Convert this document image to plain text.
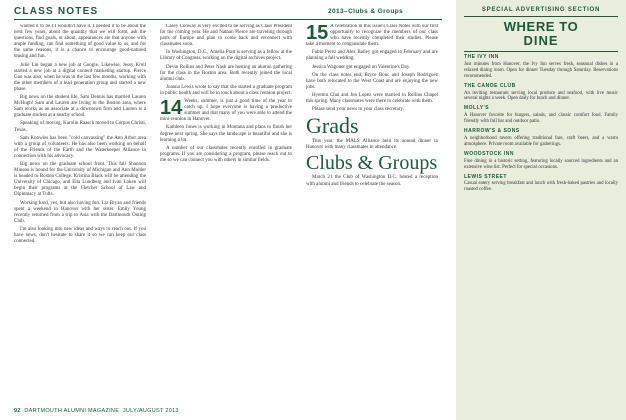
CLASS NOTES	2013–Clubs & Groups

wanted it to be.) I wouldn't have it. I needed it to be about the next few years, about the quantity that we will form, ask the questions, find goals, or about, appearances are that anyone with ample funding, can find something of good value to us, and for the same reasons, it is a chance to encourage good-natured teasing and fun.

Julie Lin began a new job at Google. Likewise, Jessy Kroll started a new job at a digital content marketing startup. Pierce Gao was also, when he was in the last few months, working with the other members of a lead generation group and started a new phase.

Big news on the student life, Sam Dennis has married Lauren McHugh! Sam and Lauren are living in the Boston area, where Sam works as an associate at a downtown firm and Lauren is a graduate student at a nearby school.

Speaking of moving, Karolin Raasch moved to Corpus Christi, Texas.

Sam Knowles has been "cold canvassing" the Ann Arbor area with a group of volunteers. He has also been working on behalf of the Friends of the Earth and the Waterkeeper Alliance in connection with his advocacy.

Big news on the graduate school front. This fall Shannon Mineau is bound for the University of Michigan and Ann Mulder is headed to Boston College. Kristina Black will be attending the University of Chicago, and Ella Lundberg and Ivan Loken will begin their programs at the Fletcher School of Law and Diplomacy at Tufts.

Working hard, yes, but also having fun. Liz Bryan and friends spent a weekend in Hanover with her sister. Emily Young recently returned from a trip to Asia with the Dartmouth Outing Club.

I'm also looking into new ideas and ways to reach out. If you have news, don't hesitate to share it so we can keep our class connected.

Casey Conway is very excited to be serving as Class President for the coming year. He and Nathan Pierce are traveling through parts of Europe and plan to come back and reconnect with classmates soon.

In Washington, D.C., Amelia Pratt is serving as a fellow at the Library of Congress, working on the digital archives project.

Devin Rollins and Peter Nash are hosting an alumni gathering for the class in the Boston area. Both recently joined the local alumni club.

Joanna Lewis wrote to say that she started a graduate program in public health and will be in touch about a class reunion project.

14 Weeks, summer, is just a good time of the year to catch up. I hope everyone is having a productive summer and that many of you were able to attend the mini-reunion in Hanover.

Kathleen Jones is working in Montana and plans to finish her degree next spring. She says the landscape is beautiful and she is learning a lot.

A number of our classmates recently enrolled in graduate programs. If you are considering a program, please reach out to me so we can connect you with others in similar fields.

15 A celebration in this issue's Class Notes with our first opportunity to recognize the members of our class who have recently completed their studies. Please take a moment to congratulate them.

Fabio Perez and Alex Bailey got engaged in February and are planning a fall wedding.

Jessica Wagoner got engaged on Valentine's Day.

On the class notes end, Bryce Bouc and Joseph Rodriguez have both relocated to the West Coast and are enjoying the new jobs.

Hyemin Chai and Jon Lopez were married in Rollins Chapel this spring. Many classmates were there to celebrate with them.

Please send your news to your class secretary.

Grads

This year, the MALS Alliance held its annual dinner in Hanover with many classmates in attendance.

Clubs & Groups

March 21 the Club of Washington D.C. hosted a reception with alumni and friends to celebrate the season.

92 DARTMOUTH ALUMNI MAGAZINE JULY/AUGUST 2013
SPECIAL ADVERTISING SECTION
WHERE TO
DINE
THE IVY INN
Just minutes from Hanover, the Ivy Inn serves fresh, seasonal dishes in a relaxed dining room. Open for dinner Tuesday through Saturday. Reservations recommended.
THE CANOE CLUB
An inviting restaurant serving local produce and seafood, with live music several nights a week. Open daily for lunch and dinner.
MOLLY'S
A Hanover favorite for burgers, salads, and classic comfort food. Family friendly with full bar and outdoor patio.
HARROW'S & SONS
A neighborhood tavern offering traditional fare, craft beers, and a warm atmosphere. Private room available for gatherings.
WOODSTOCK INN
Fine dining in a historic setting, featuring locally sourced ingredients and an extensive wine list. Perfect for special occasions.
LEWIS STREET
Casual eatery serving breakfast and lunch with fresh-baked pastries and locally roasted coffee.
